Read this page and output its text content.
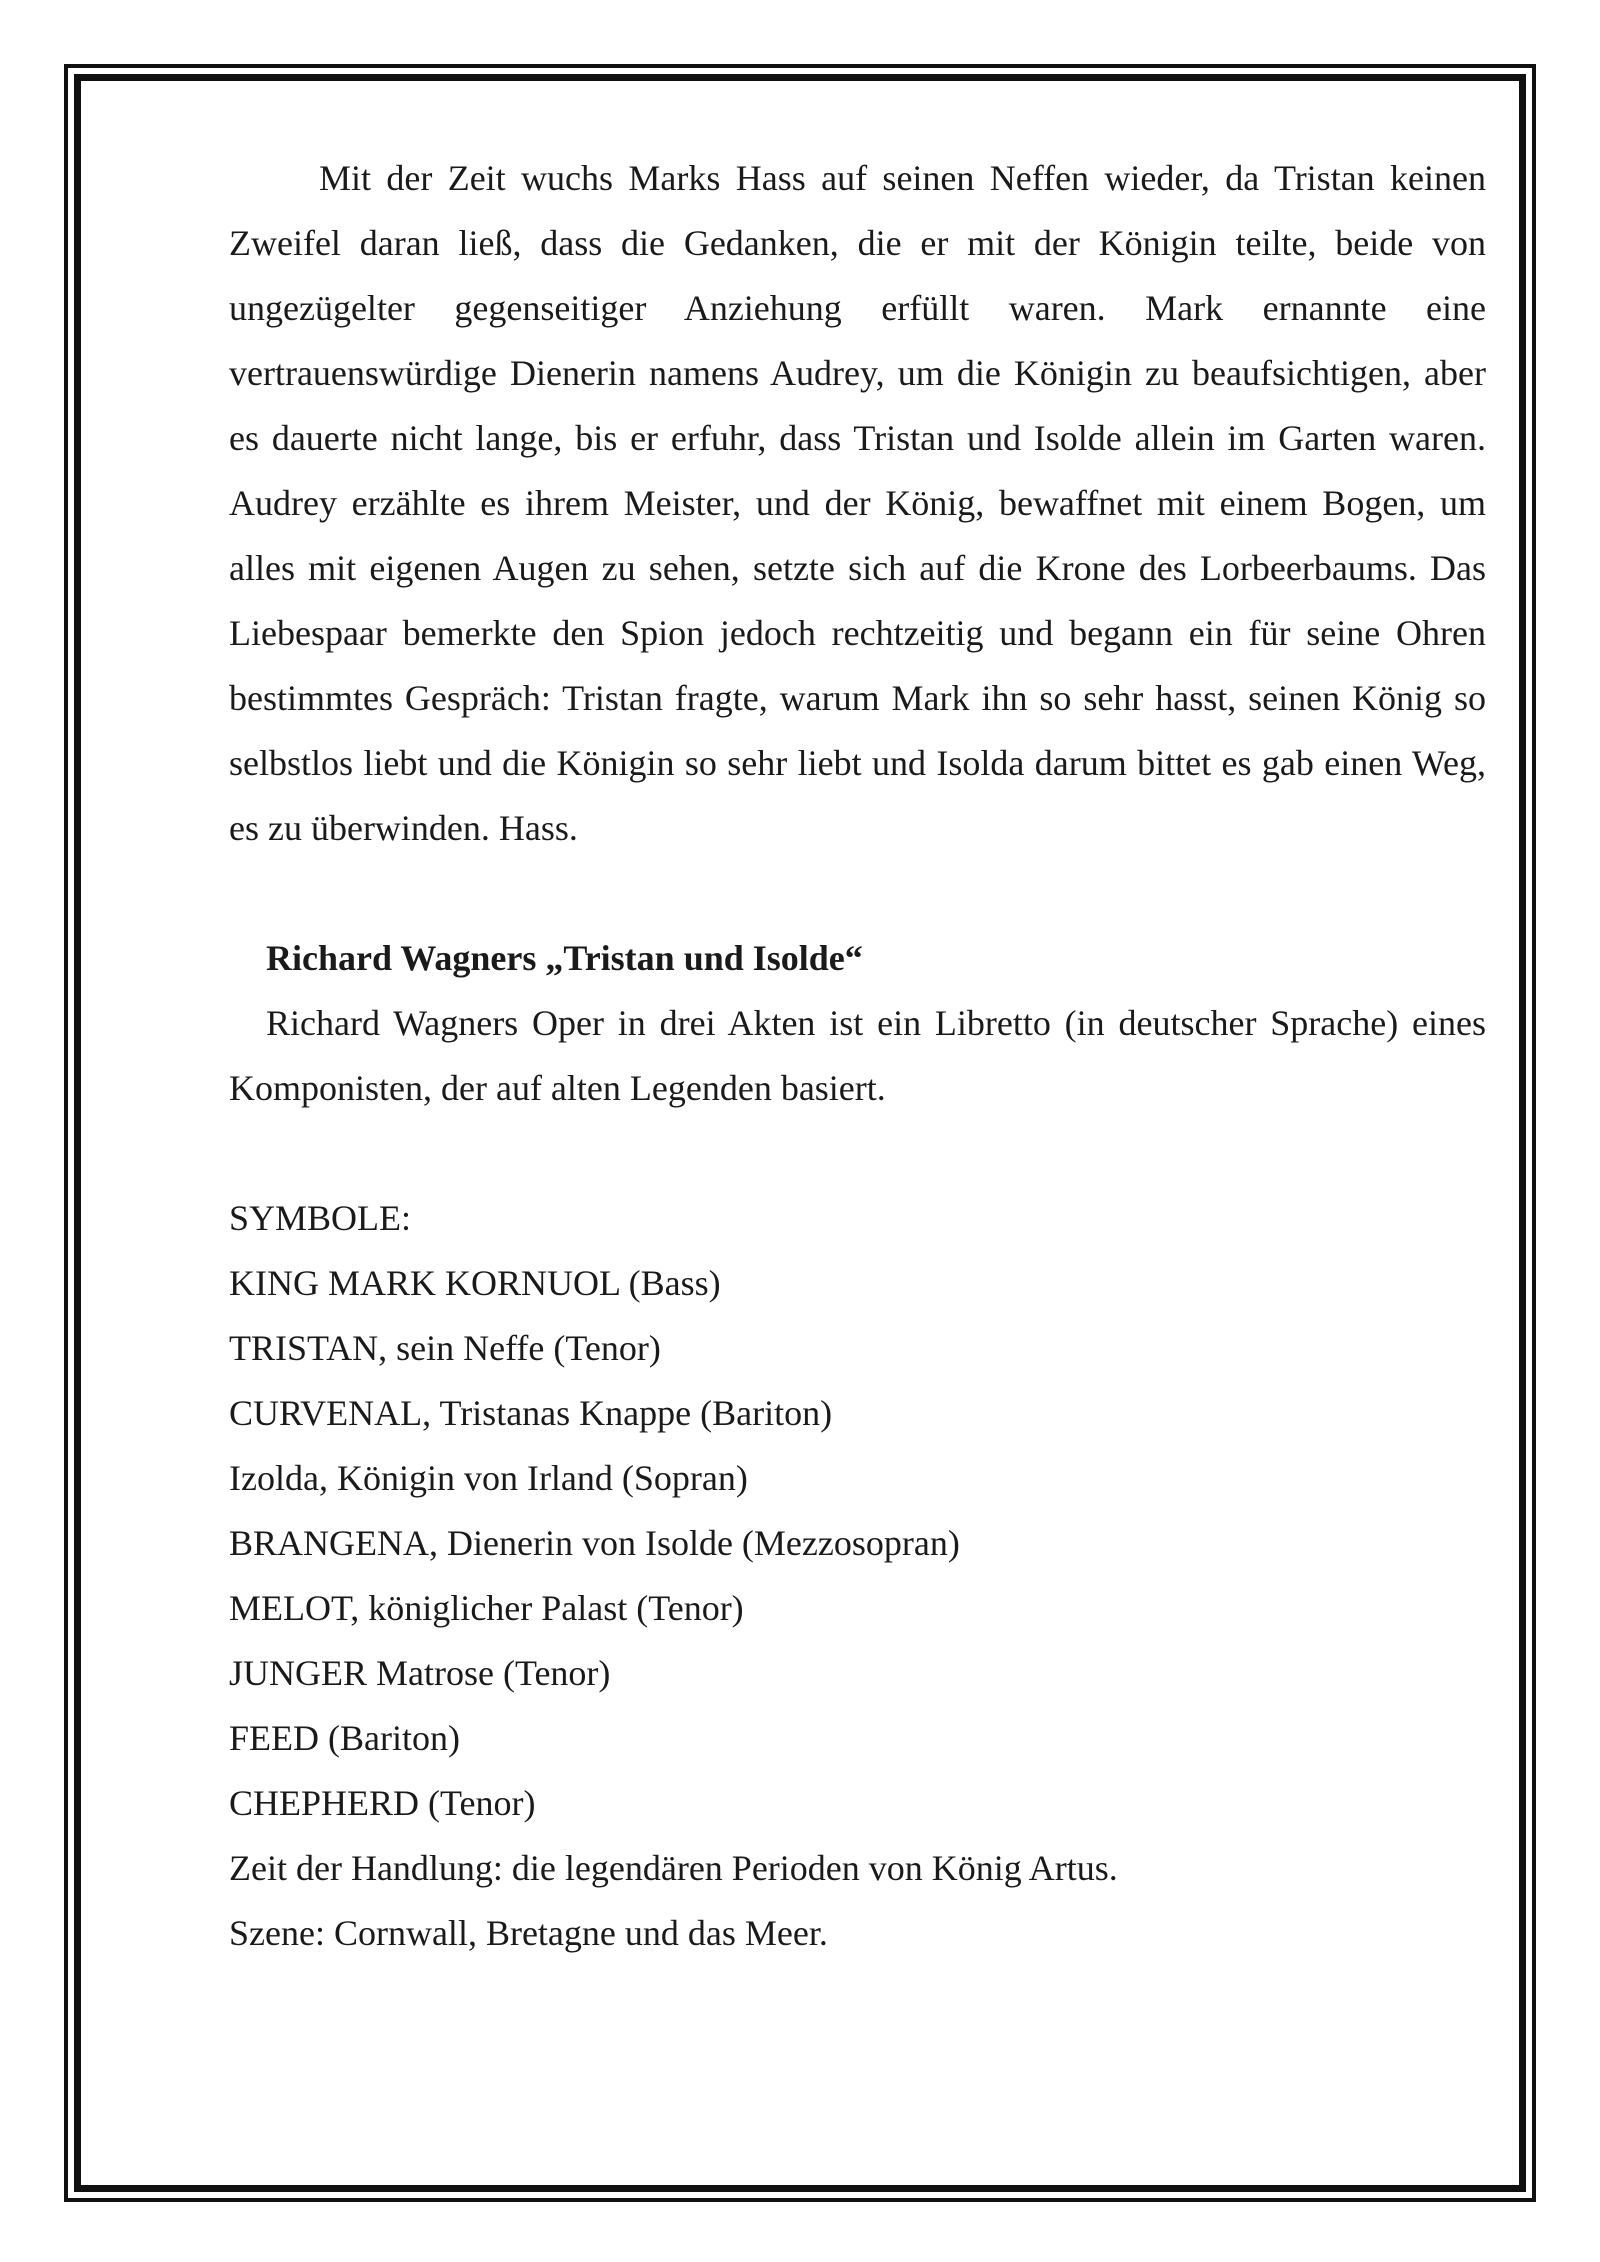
Mit der Zeit wuchs Marks Hass auf seinen Neffen wieder, da Tristan keinen Zweifel daran ließ, dass die Gedanken, die er mit der Königin teilte, beide von ungezügelter gegenseitiger Anziehung erfüllt waren. Mark ernannte eine vertrauenswürdige Dienerin namens Audrey, um die Königin zu beaufsichtigen, aber es dauerte nicht lange, bis er erfuhr, dass Tristan und Isolde allein im Garten waren. Audrey erzählte es ihrem Meister, und der König, bewaffnet mit einem Bogen, um alles mit eigenen Augen zu sehen, setzte sich auf die Krone des Lorbeerbaums. Das Liebespaar bemerkte den Spion jedoch rechtzeitig und begann ein für seine Ohren bestimmtes Gespräch: Tristan fragte, warum Mark ihn so sehr hasst, seinen König so selbstlos liebt und die Königin so sehr liebt und Isolda darum bittet es gab einen Weg, es zu überwinden. Hass.

Richard Wagners „Tristan und Isolde“

Richard Wagners Oper in drei Akten ist ein Libretto (in deutscher Sprache) eines Komponisten, der auf alten Legenden basiert.

SYMBOLE:

KING MARK KORNUOL (Bass)

TRISTAN, sein Neffe (Tenor)

CURVENAL, Tristanas Knappe (Bariton)

Izolda, Königin von Irland (Sopran)

BRANGENA, Dienerin von Isolde (Mezzosopran)

MELOT, königlicher Palast (Tenor)

JUNGER Matrose (Tenor)

FEED (Bariton)

CHEPHERD (Tenor)

Zeit der Handlung: die legendären Perioden von König Artus.

Szene: Cornwall, Bretagne und das Meer.
